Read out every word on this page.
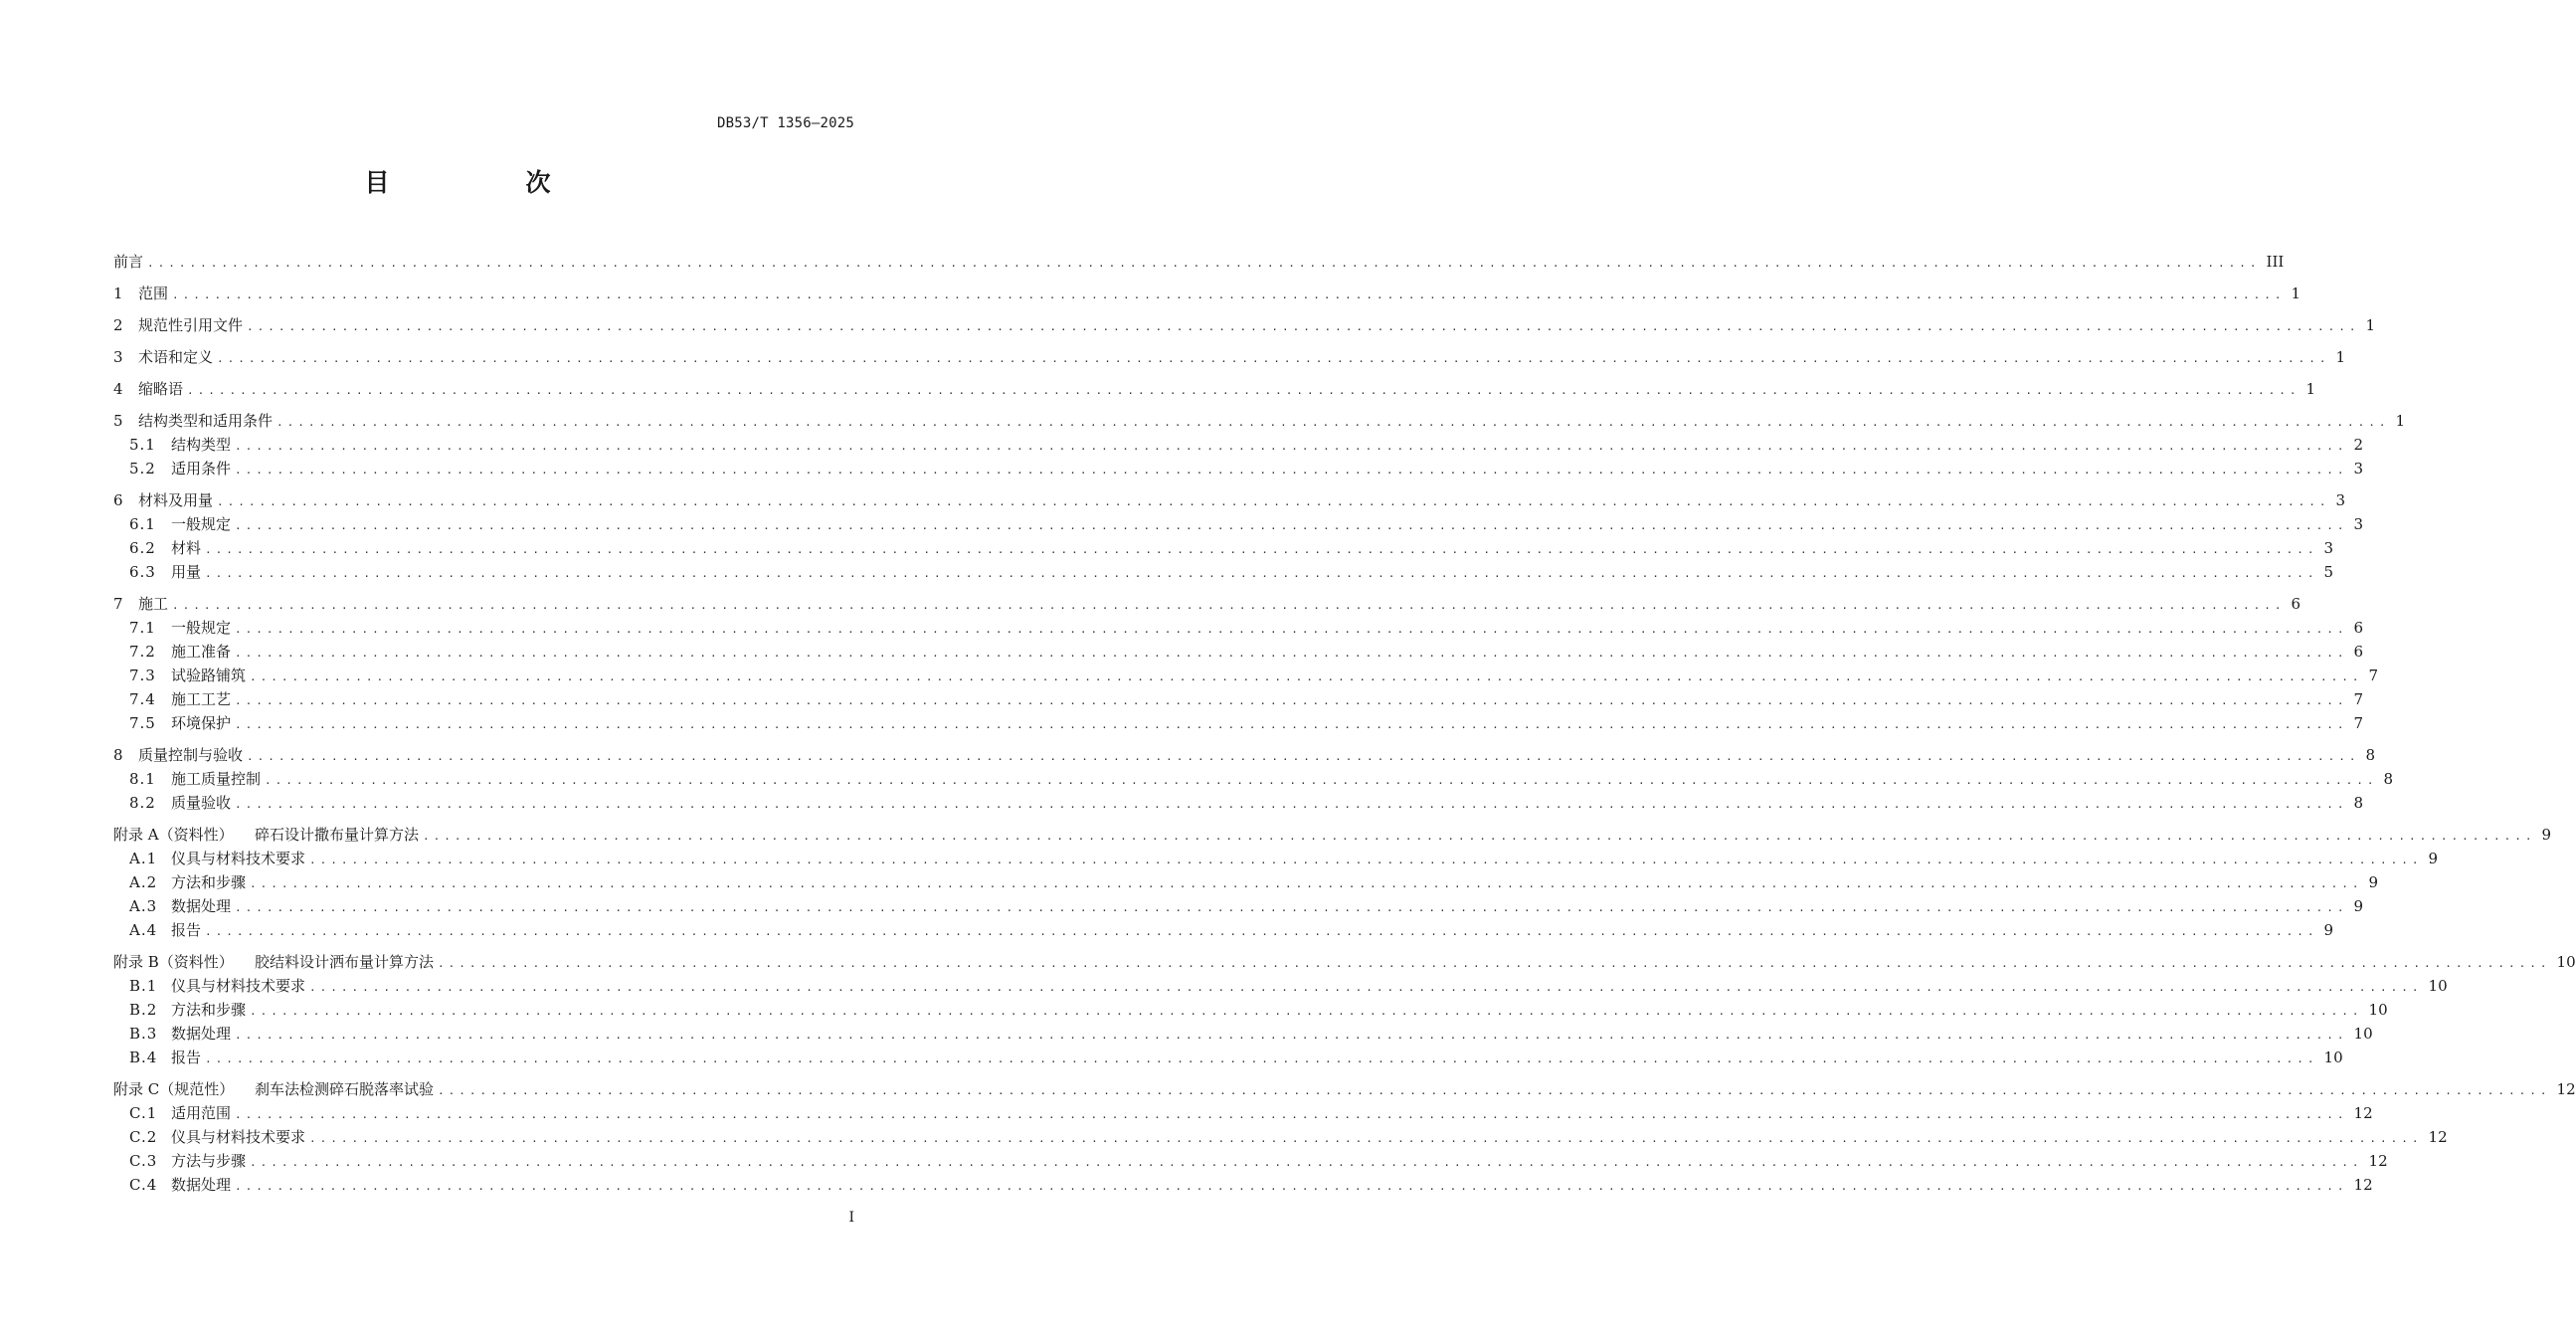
DB53/T 1356—2025
目　次
前言 ........................................................................................................................................................................................................ III
1	范围 ........................................................................................................................................................................................................ 1
2	规范性引用文件 ........................................................................................................................................................................................................ 1
3	术语和定义 ........................................................................................................................................................................................................ 1
4	缩略语 ........................................................................................................................................................................................................ 1
5	结构类型和适用条件 ........................................................................................................................................................................................................ 1
5.1	结构类型 ........................................................................................................................................................................................................ 2
5.2	适用条件 ........................................................................................................................................................................................................ 3
6	材料及用量 ........................................................................................................................................................................................................ 3
6.1	一般规定 ........................................................................................................................................................................................................ 3
6.2	材料 ........................................................................................................................................................................................................ 3
6.3	用量 ........................................................................................................................................................................................................ 5
7	施工 ........................................................................................................................................................................................................ 6
7.1	一般规定 ........................................................................................................................................................................................................ 6
7.2	施工准备 ........................................................................................................................................................................................................ 6
7.3	试验路铺筑 ........................................................................................................................................................................................................ 7
7.4	施工工艺 ........................................................................................................................................................................................................ 7
7.5	环境保护 ........................................................................................................................................................................................................ 7
8	质量控制与验收 ........................................................................................................................................................................................................ 8
8.1	施工质量控制 ........................................................................................................................................................................................................ 8
8.2	质量验收 ........................................................................................................................................................................................................ 8
附录 A（资料性）	碎石设计撒布量计算方法 ........................................................................................................................................................................................................ 9
A.1 仪具与材料技术要求 ........................................................................................................................................................................................................ 9
A.2 方法和步骤 ........................................................................................................................................................................................................ 9
A.3 数据处理 ........................................................................................................................................................................................................ 9
A.4 报告 ........................................................................................................................................................................................................ 9
附录 B（资料性）	胶结料设计洒布量计算方法 ........................................................................................................................................................................................................ 10
B.1 仪具与材料技术要求 ........................................................................................................................................................................................................ 10
B.2 方法和步骤 ........................................................................................................................................................................................................ 10
B.3 数据处理 ........................................................................................................................................................................................................ 10
B.4 报告 ........................................................................................................................................................................................................ 10
附录 C（规范性）	刹车法检测碎石脱落率试验 ........................................................................................................................................................................................................ 12
C.1 适用范围 ........................................................................................................................................................................................................ 12
C.2 仪具与材料技术要求 ........................................................................................................................................................................................................ 12
C.3 方法与步骤 ........................................................................................................................................................................................................ 12
C.4 数据处理 ........................................................................................................................................................................................................ 12
I
